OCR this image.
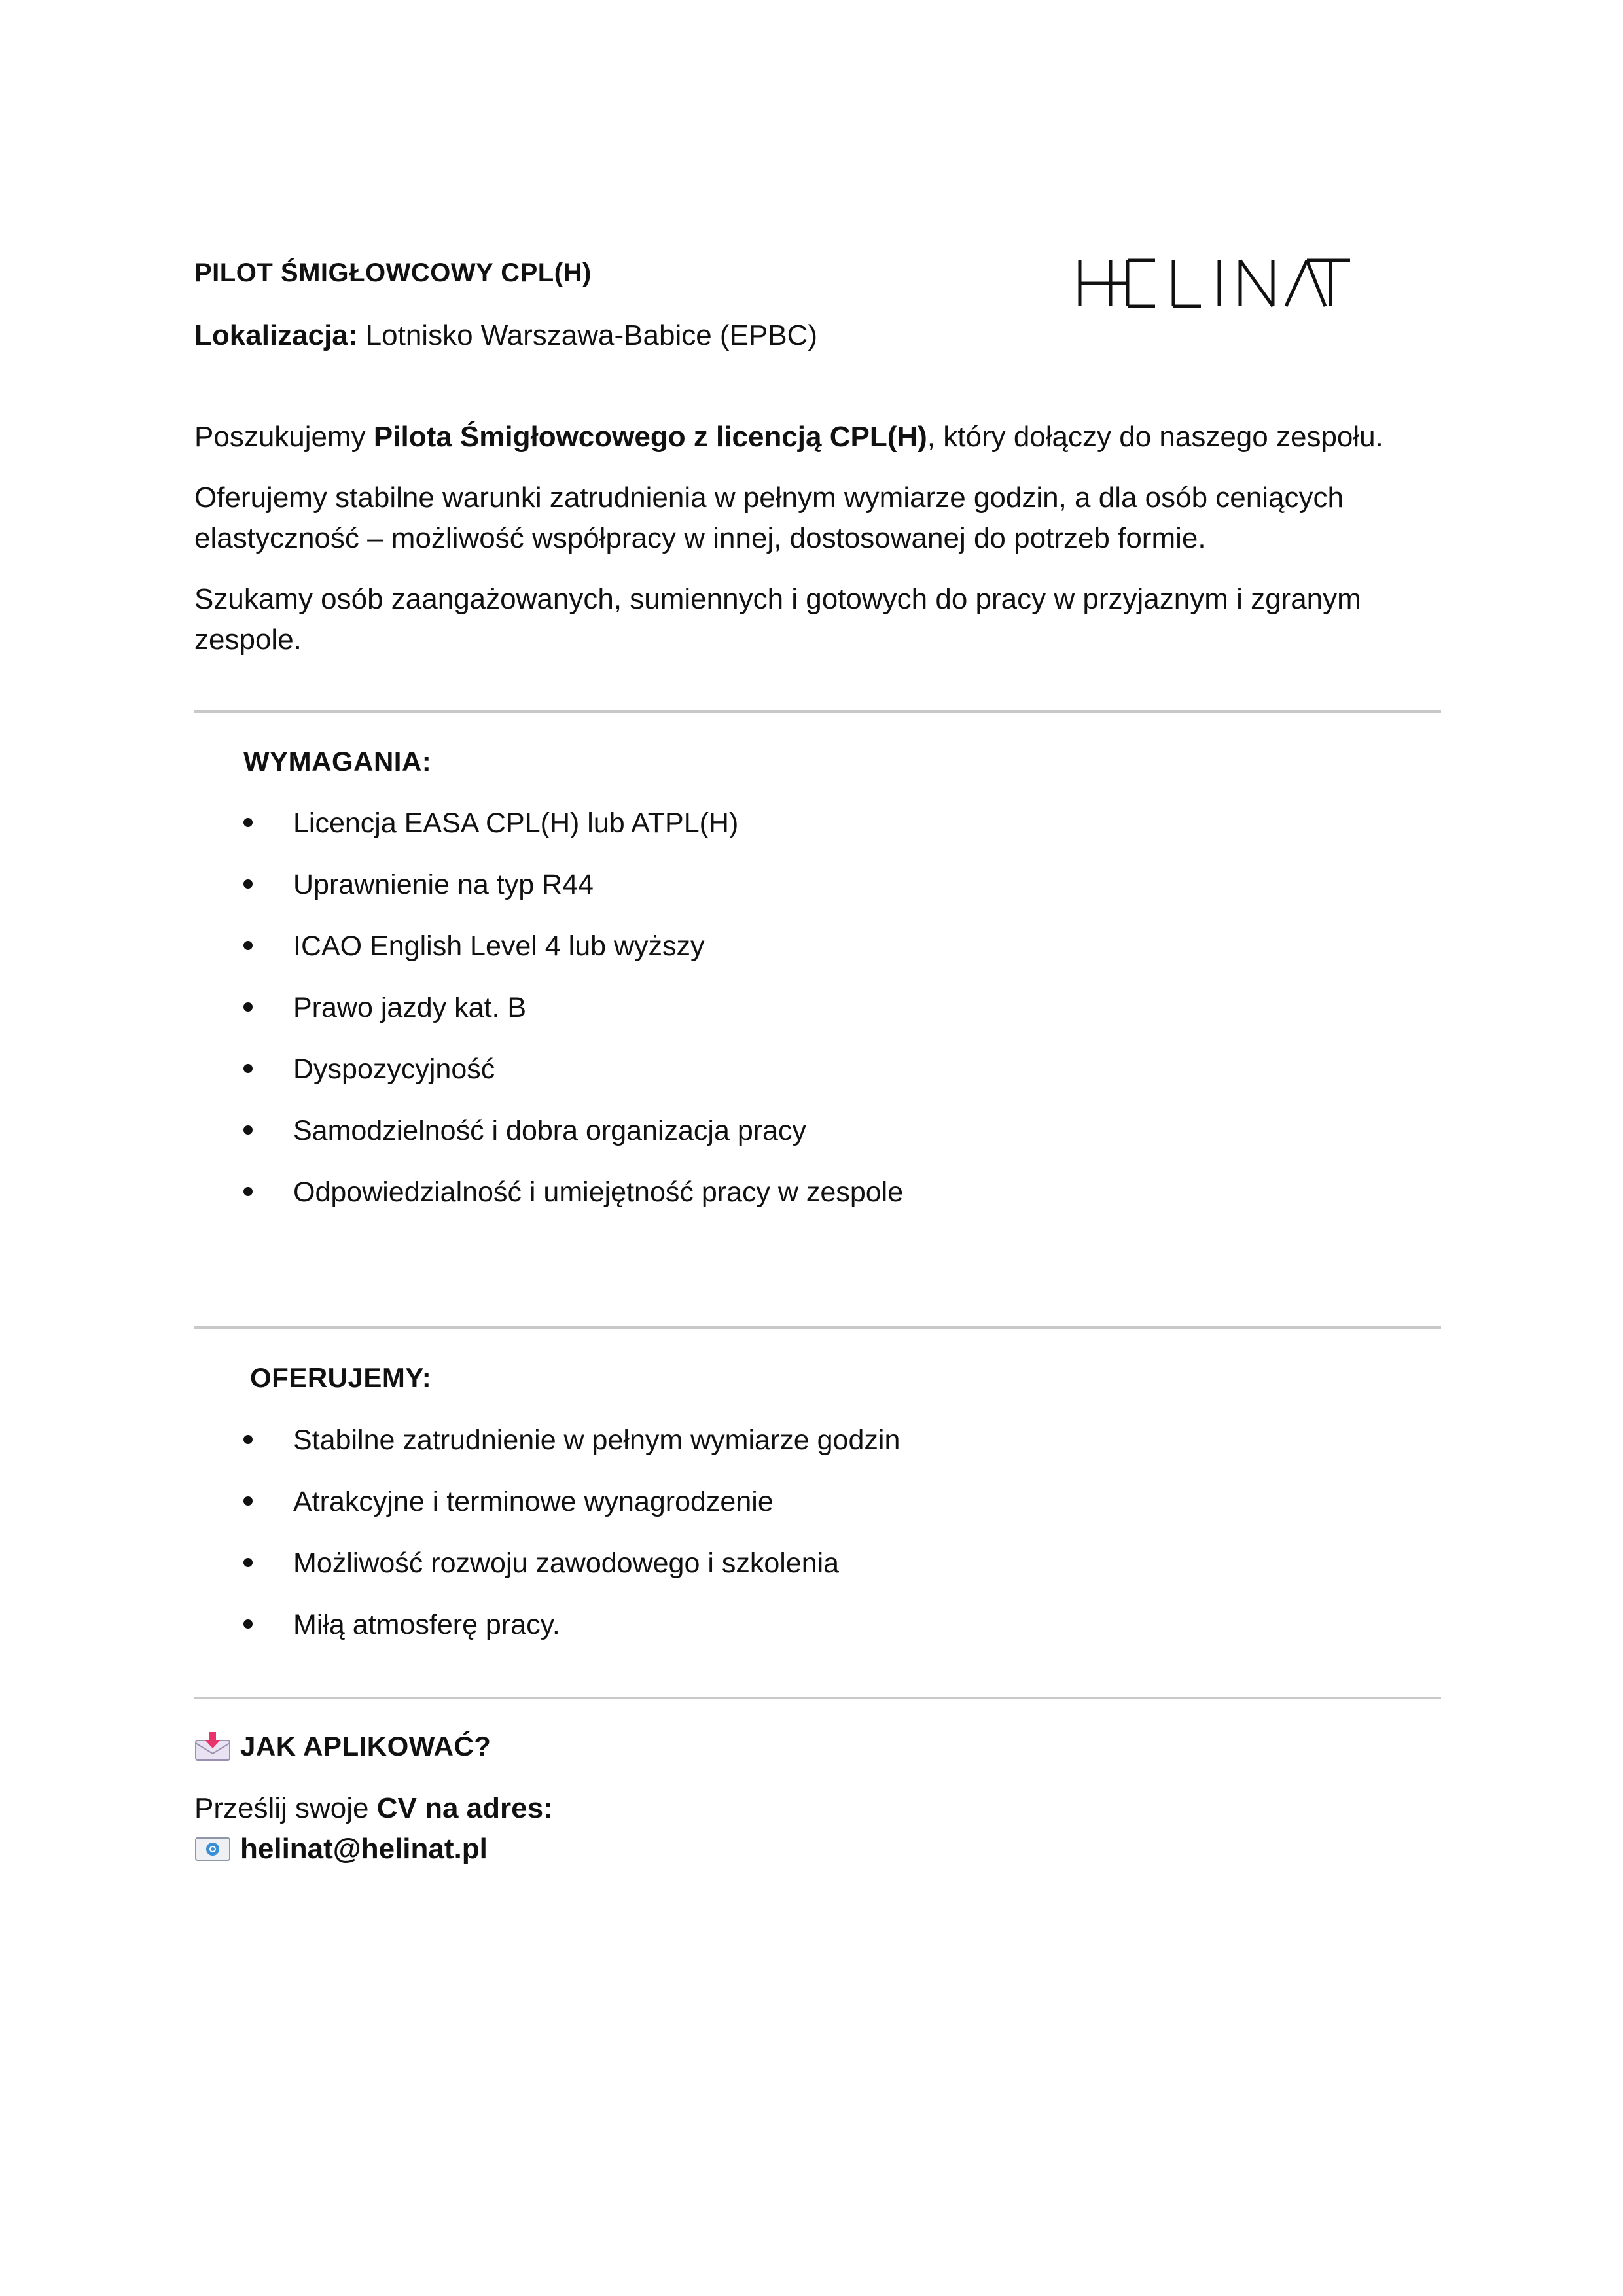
PILOT ŚMIGŁOWCOWY CPL(H)
Lokalizacja: Lotnisko Warszawa-Babice (EPBC)
Poszukujemy Pilota Śmigłowcowego z licencją CPL(H), który dołączy do naszego zespołu.
Oferujemy stabilne warunki zatrudnienia w pełnym wymiarze godzin, a dla osób ceniących elastyczność – możliwość współpracy w innej, dostosowanej do potrzeb formie.
Szukamy osób zaangażowanych, sumiennych i gotowych do pracy w przyjaznym i zgranym zespole.
WYMAGANIA:
Licencja EASA CPL(H) lub ATPL(H)
Uprawnienie na typ R44
ICAO English Level 4 lub wyższy
Prawo jazdy kat. B
Dyspozycyjność
Samodzielność i dobra organizacja pracy
Odpowiedzialność i umiejętność pracy w zespole
OFERUJEMY:
Stabilne zatrudnienie w pełnym wymiarze godzin
Atrakcyjne i terminowe wynagrodzenie
Możliwość rozwoju zawodowego i szkolenia
Miłą atmosferę pracy.
JAK APLIKOWAĆ?
Prześlij swoje CV na adres:
helinat@helinat.pl
